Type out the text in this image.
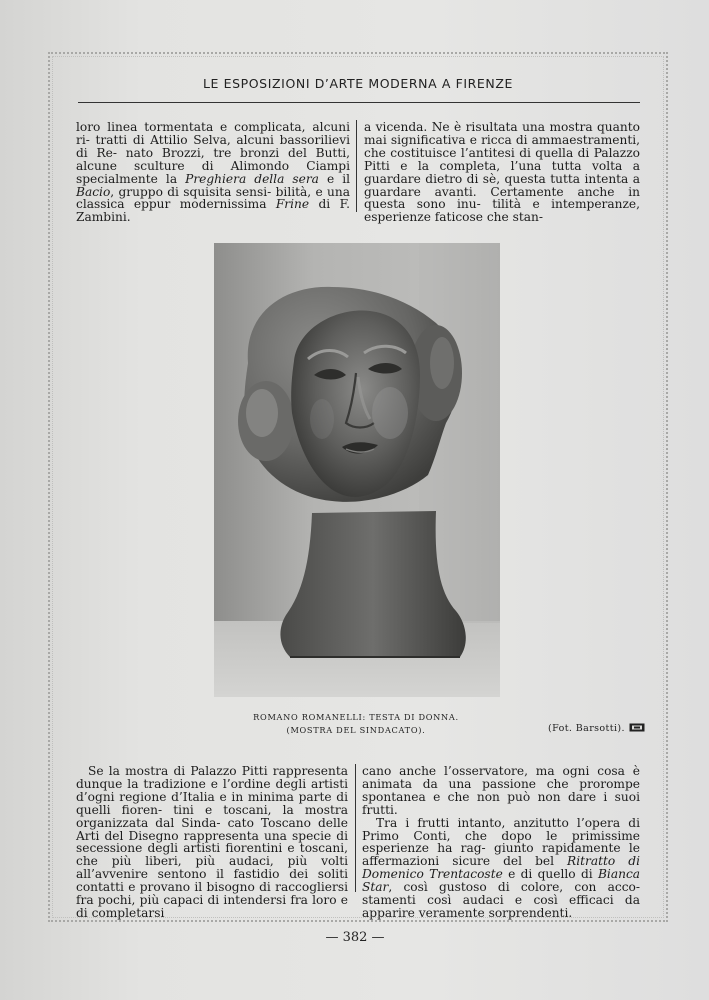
LE ESPOSIZIONI D’ARTE MODERNA A FIRENZE

loro linea tormentata e complicata, alcuni ri- tratti di Attilio Selva, alcuni bassorilievi di Re- nato Brozzi, tre bronzi del Butti, alcune sculture di Alimondo Ciampi specialmente la Preghiera della sera e il Bacio, gruppo di squisita sensi- bilità, e una classica eppur modernissima Frine di F. Zambini.

a vicenda. Ne è risultata una mostra quanto mai significativa e ricca di ammaestramenti, che costituisce l’antitesi di quella di Palazzo Pitti e la completa, l’una tutta volta a guardare dietro di sè, questa tutta intenta a guardare avanti. Certamente anche in questa sono inu- tilità e intemperanze, esperienze faticose che stan-

ROMANO ROMANELLI: TESTA DI DONNA.
(MOSTRA DEL SINDACATO).	(Fot. Barsotti).

Se la mostra di Palazzo Pitti rappresenta dunque la tradizione e l’ordine degli artisti d’ogni regione d’Italia e in minima parte di quelli fioren- tini e toscani, la mostra organizzata dal Sinda- cato Toscano delle Arti del Disegno rappresenta una specie di secessione degli artisti fiorentini e toscani, che più liberi, più audaci, più volti all’avvenire sentono il fastidio dei soliti contatti e provano il bisogno di raccogliersi fra pochi, più capaci di intendersi fra loro e di completarsi

cano anche l’osservatore, ma ogni cosa è animata da una passione che prorompe spontanea e che non può non dare i suoi frutti.

Tra i frutti intanto, anzitutto l’opera di Primo Conti, che dopo le primissime esperienze ha rag- giunto rapidamente le affermazioni sicure del bel Ritratto di Domenico Trentacoste e di quello di Bianca Star, così gustoso di colore, con acco- stamenti così audaci e così efficaci da apparire veramente sorprendenti.

— 382 —
